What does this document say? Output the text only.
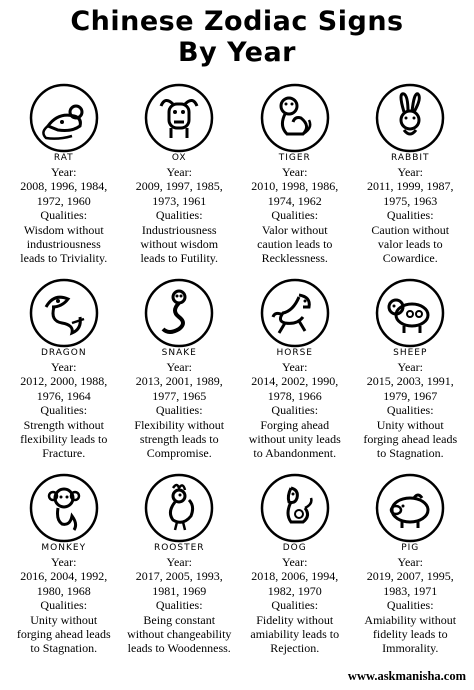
Chinese Zodiac Signs
By Year
RAT
Year:
2008, 1996, 1984,
1972, 1960
Qualities:
Wisdom without
industriousness
leads to Triviality.
OX
Year:
2009, 1997, 1985,
1973, 1961
Qualities:
Industriousness
without wisdom
leads to Futility.
TIGER
Year:
2010, 1998, 1986,
1974, 1962
Qualities:
Valor without
caution leads to
Recklessness.
RABBIT
Year:
2011, 1999, 1987,
1975, 1963
Qualities:
Caution without
valor leads to
Cowardice.
DRAGON
Year:
2012, 2000, 1988,
1976, 1964
Qualities:
Strength without
flexibility leads to
Fracture.
SNAKE
Year:
2013, 2001, 1989,
1977, 1965
Qualities:
Flexibility without
strength leads to
Compromise.
HORSE
Year:
2014, 2002, 1990,
1978, 1966
Qualities:
Forging ahead
without unity leads
to Abandonment.
SHEEP
Year:
2015, 2003, 1991,
1979, 1967
Qualities:
Unity without
forging ahead leads
to Stagnation.
MONKEY
Year:
2016, 2004, 1992,
1980, 1968
Qualities:
Unity without
forging ahead leads
to Stagnation.
ROOSTER
Year:
2017, 2005, 1993,
1981, 1969
Qualities:
Being constant
without changeability
leads to Woodenness.
DOG
Year:
2018, 2006, 1994,
1982, 1970
Qualities:
Fidelity without
amiability leads to
Rejection.
PIG
Year:
2019, 2007, 1995,
1983, 1971
Qualities:
Amiability without
fidelity leads to
Immorality.
www.askmanisha.com
